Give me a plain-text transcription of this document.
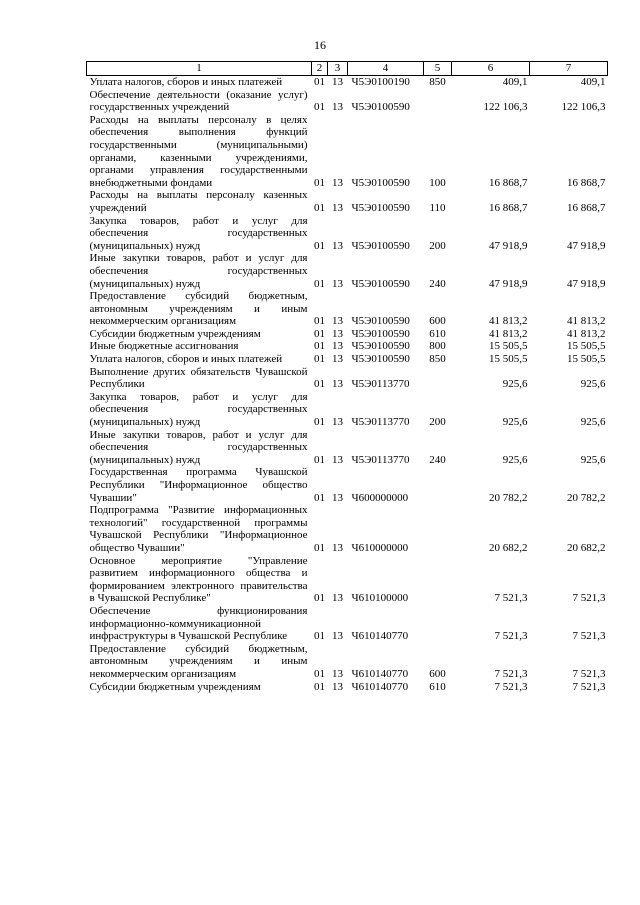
16
1	2	3	4	5	6	7
Уплата налогов, сборов и иных платежей	01	13	Ч5Э0100190	850	409,1	409,1
Обеспечение деятельности (оказание услуг) государственных учреждений	01	13	Ч5Э0100590		122 106,3	122 106,3
Расходы на выплаты персоналу в целях обеспечения выполнения функций государственными (муниципальными) органами, казенными учреждениями, органами управления государственными внебюджетными фондами	01	13	Ч5Э0100590	100	16 868,7	16 868,7
Расходы на выплаты персоналу казенных учреждений	01	13	Ч5Э0100590	110	16 868,7	16 868,7
Закупка товаров, работ и услуг для обеспечения государственных (муниципальных) нужд	01	13	Ч5Э0100590	200	47 918,9	47 918,9
Иные закупки товаров, работ и услуг для обеспечения государственных (муниципальных) нужд	01	13	Ч5Э0100590	240	47 918,9	47 918,9
Предоставление субсидий бюджетным, автономным учреждениям и иным некоммерческим организациям	01	13	Ч5Э0100590	600	41 813,2	41 813,2
Субсидии бюджетным учреждениям	01	13	Ч5Э0100590	610	41 813,2	41 813,2
Иные бюджетные ассигнования	01	13	Ч5Э0100590	800	15 505,5	15 505,5
Уплата налогов, сборов и иных платежей	01	13	Ч5Э0100590	850	15 505,5	15 505,5
Выполнение других обязательств Чувашской Республики	01	13	Ч5Э0113770		925,6	925,6
Закупка товаров, работ и услуг для обеспечения государственных (муниципальных) нужд	01	13	Ч5Э0113770	200	925,6	925,6
Иные закупки товаров, работ и услуг для обеспечения государственных (муниципальных) нужд	01	13	Ч5Э0113770	240	925,6	925,6
Государственная программа Чувашской Республики "Информационное общество Чувашии"	01	13	Ч600000000		20 782,2	20 782,2
Подпрограмма "Развитие информационных технологий" государственной программы Чувашской Республики "Информационное общество Чувашии"	01	13	Ч610000000		20 682,2	20 682,2
Основное мероприятие "Управление развитием информационного общества и формированием электронного правительства в Чувашской Республике"	01	13	Ч610100000		7 521,3	7 521,3
Обеспечение функционирования информационно-коммуникационной инфраструктуры в Чувашской Республике	01	13	Ч610140770		7 521,3	7 521,3
Предоставление субсидий бюджетным, автономным учреждениям и иным некоммерческим организациям	01	13	Ч610140770	600	7 521,3	7 521,3
Субсидии бюджетным учреждениям	01	13	Ч610140770	610	7 521,3	7 521,3
